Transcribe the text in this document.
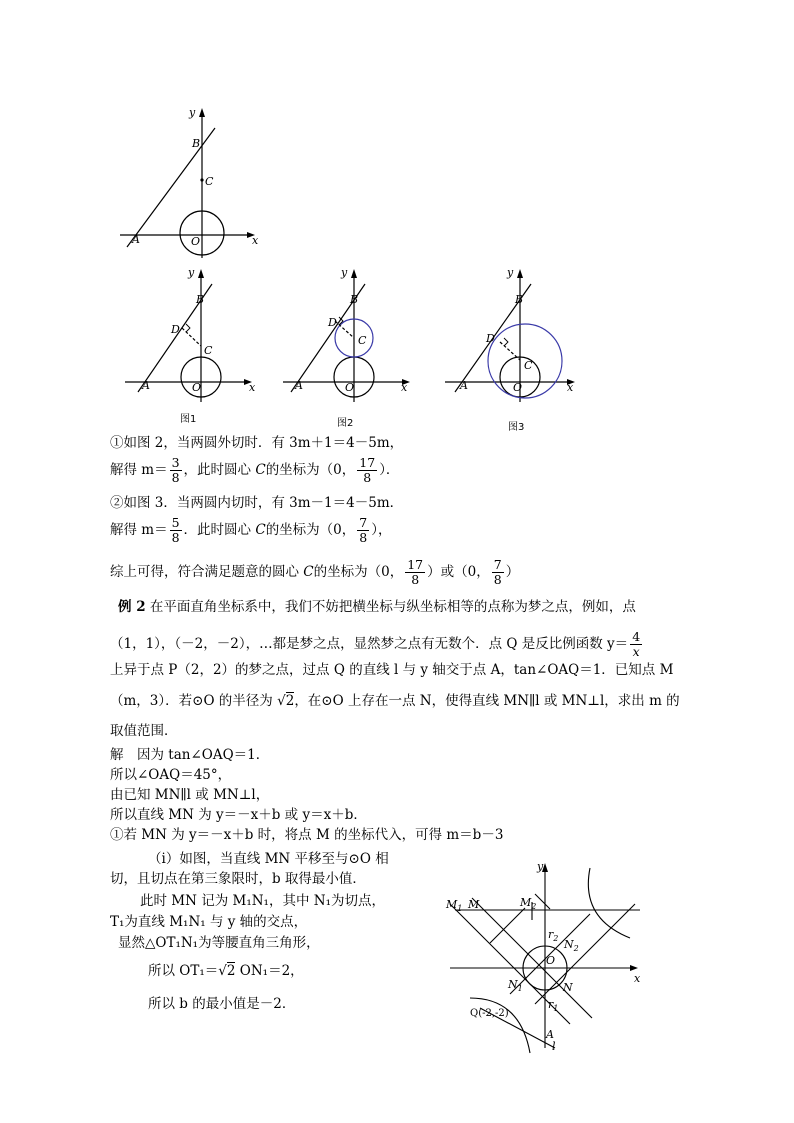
y
x
B
C
A	O
y
x
B
C
D
A	O
y
x
B
C
D
A	O
y
x
B
C
D
A	O
图1	图2	图3
①如图 2，当两圆外切时．有 3m＋1＝4－5m，
解得 $m= \frac{3}{8}$ ，此时圆心 C的坐标为（0， $\frac{17}{8}$ ）．
②如图 3．当两圆内切时，有 3m－1＝4－5m．
解得 $m= \frac{5}{8}$ ．此时圆心 C的坐标为（0， $\frac{7}{8}$ ），
综上可得，符合满足题意的圆心 C的坐标为（0， $\frac{17}{8}$ ）或（0， $\frac{7}{8}$ ）
例 2 在平面直角坐标系中，我们不妨把横坐标与纵坐标相等的点称为梦之点，例如，点
（1，1），（－2，－2），…都是梦之点，显然梦之点有无数个．点 Q 是反比例函数 $y= \frac{4}{x}$
上异于点 P（2，2）的梦之点，过点 Q 的直线 l 与 y 轴交于点 A，tan∠OAQ＝1．已知点 M
（m，3）．若⊙O 的半径为 √2，在⊙O 上存在一点 N，使得直线 MN∥l 或 MN⊥l，求出 m 的
取值范围．
解　因为 tan∠OAQ＝1．
所以∠OAQ＝45°，
由已知 MN∥l 或 MN⊥l，
所以直线 MN 为 y＝－x＋b 或 y＝x＋b．
①若 MN 为 y＝－x＋b 时，将点 M 的坐标代入，可得 m＝b－3
（i）如图，当直线 MN 平移至与⊙O 相
切，且切点在第三象限时，b 取得最小值．
此时 MN 记为 M₁N₁，其中 N₁为切点，
T₁为直线 M₁N₁ 与 y 轴的交点，
显然△OT₁N₁为等腰直角三角形，
所以 OT₁＝√2 ON₁＝2，
所以 b 的最小值是－2．
y
x
$M_1$ M	$M_2$
$r_2$ $N_2$
O
$N_1$	N
$r_1$
Q(-2,-2)
A
l
